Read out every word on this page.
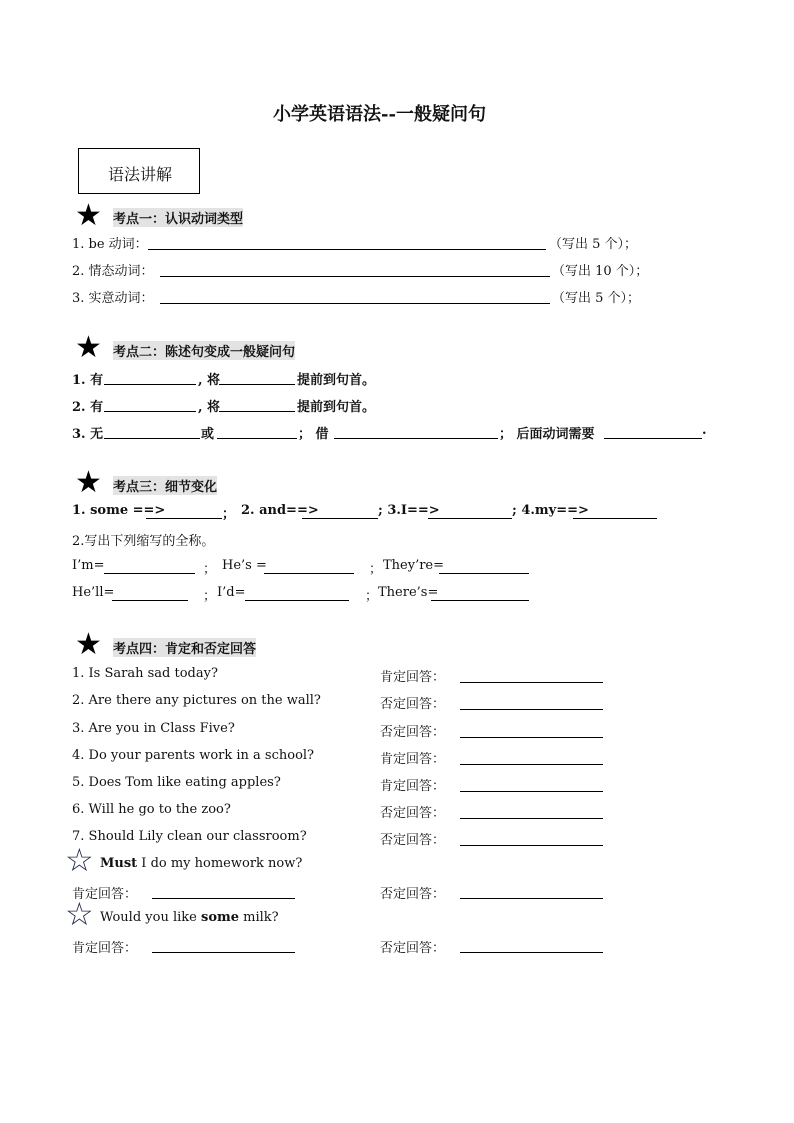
小学英语语法--一般疑问句
语法讲解
★ 考点一：认识动词类型
1. be 动词：	（写出 5 个）；
2. 情态动词：	（写出 10 个）；
3. 实意动词：	（写出 5 个）；
★ 考点二：陈述句变成一般疑问句
1. 有	, 将	提前到句首。
2. 有	, 将	提前到句首。
3. 无	或	； 借	； 后面动词需要	.
★ 考点三：细节变化
1. some ==>	； 2. and==>	; 3.I==>	; 4.my==>
2.写出下列缩写的全称。
I’m=	； He’s =	； They’re=
He’ll=	； I’d=	； There’s=
★ 考点四：肯定和否定回答
1. Is Sarah sad today?	肯定回答：
2. Are there any pictures on the wall?	否定回答：
3. Are you in Class Five?	否定回答：
4. Do your parents work in a school?	肯定回答：
5. Does Tom like eating apples?	肯定回答：
6. Will he go to the zoo?	否定回答：
7. Should Lily clean our classroom?	否定回答：
☆ Must I do my homework now?
肯定回答：	否定回答：
☆ Would you like some milk?
肯定回答：	否定回答：
